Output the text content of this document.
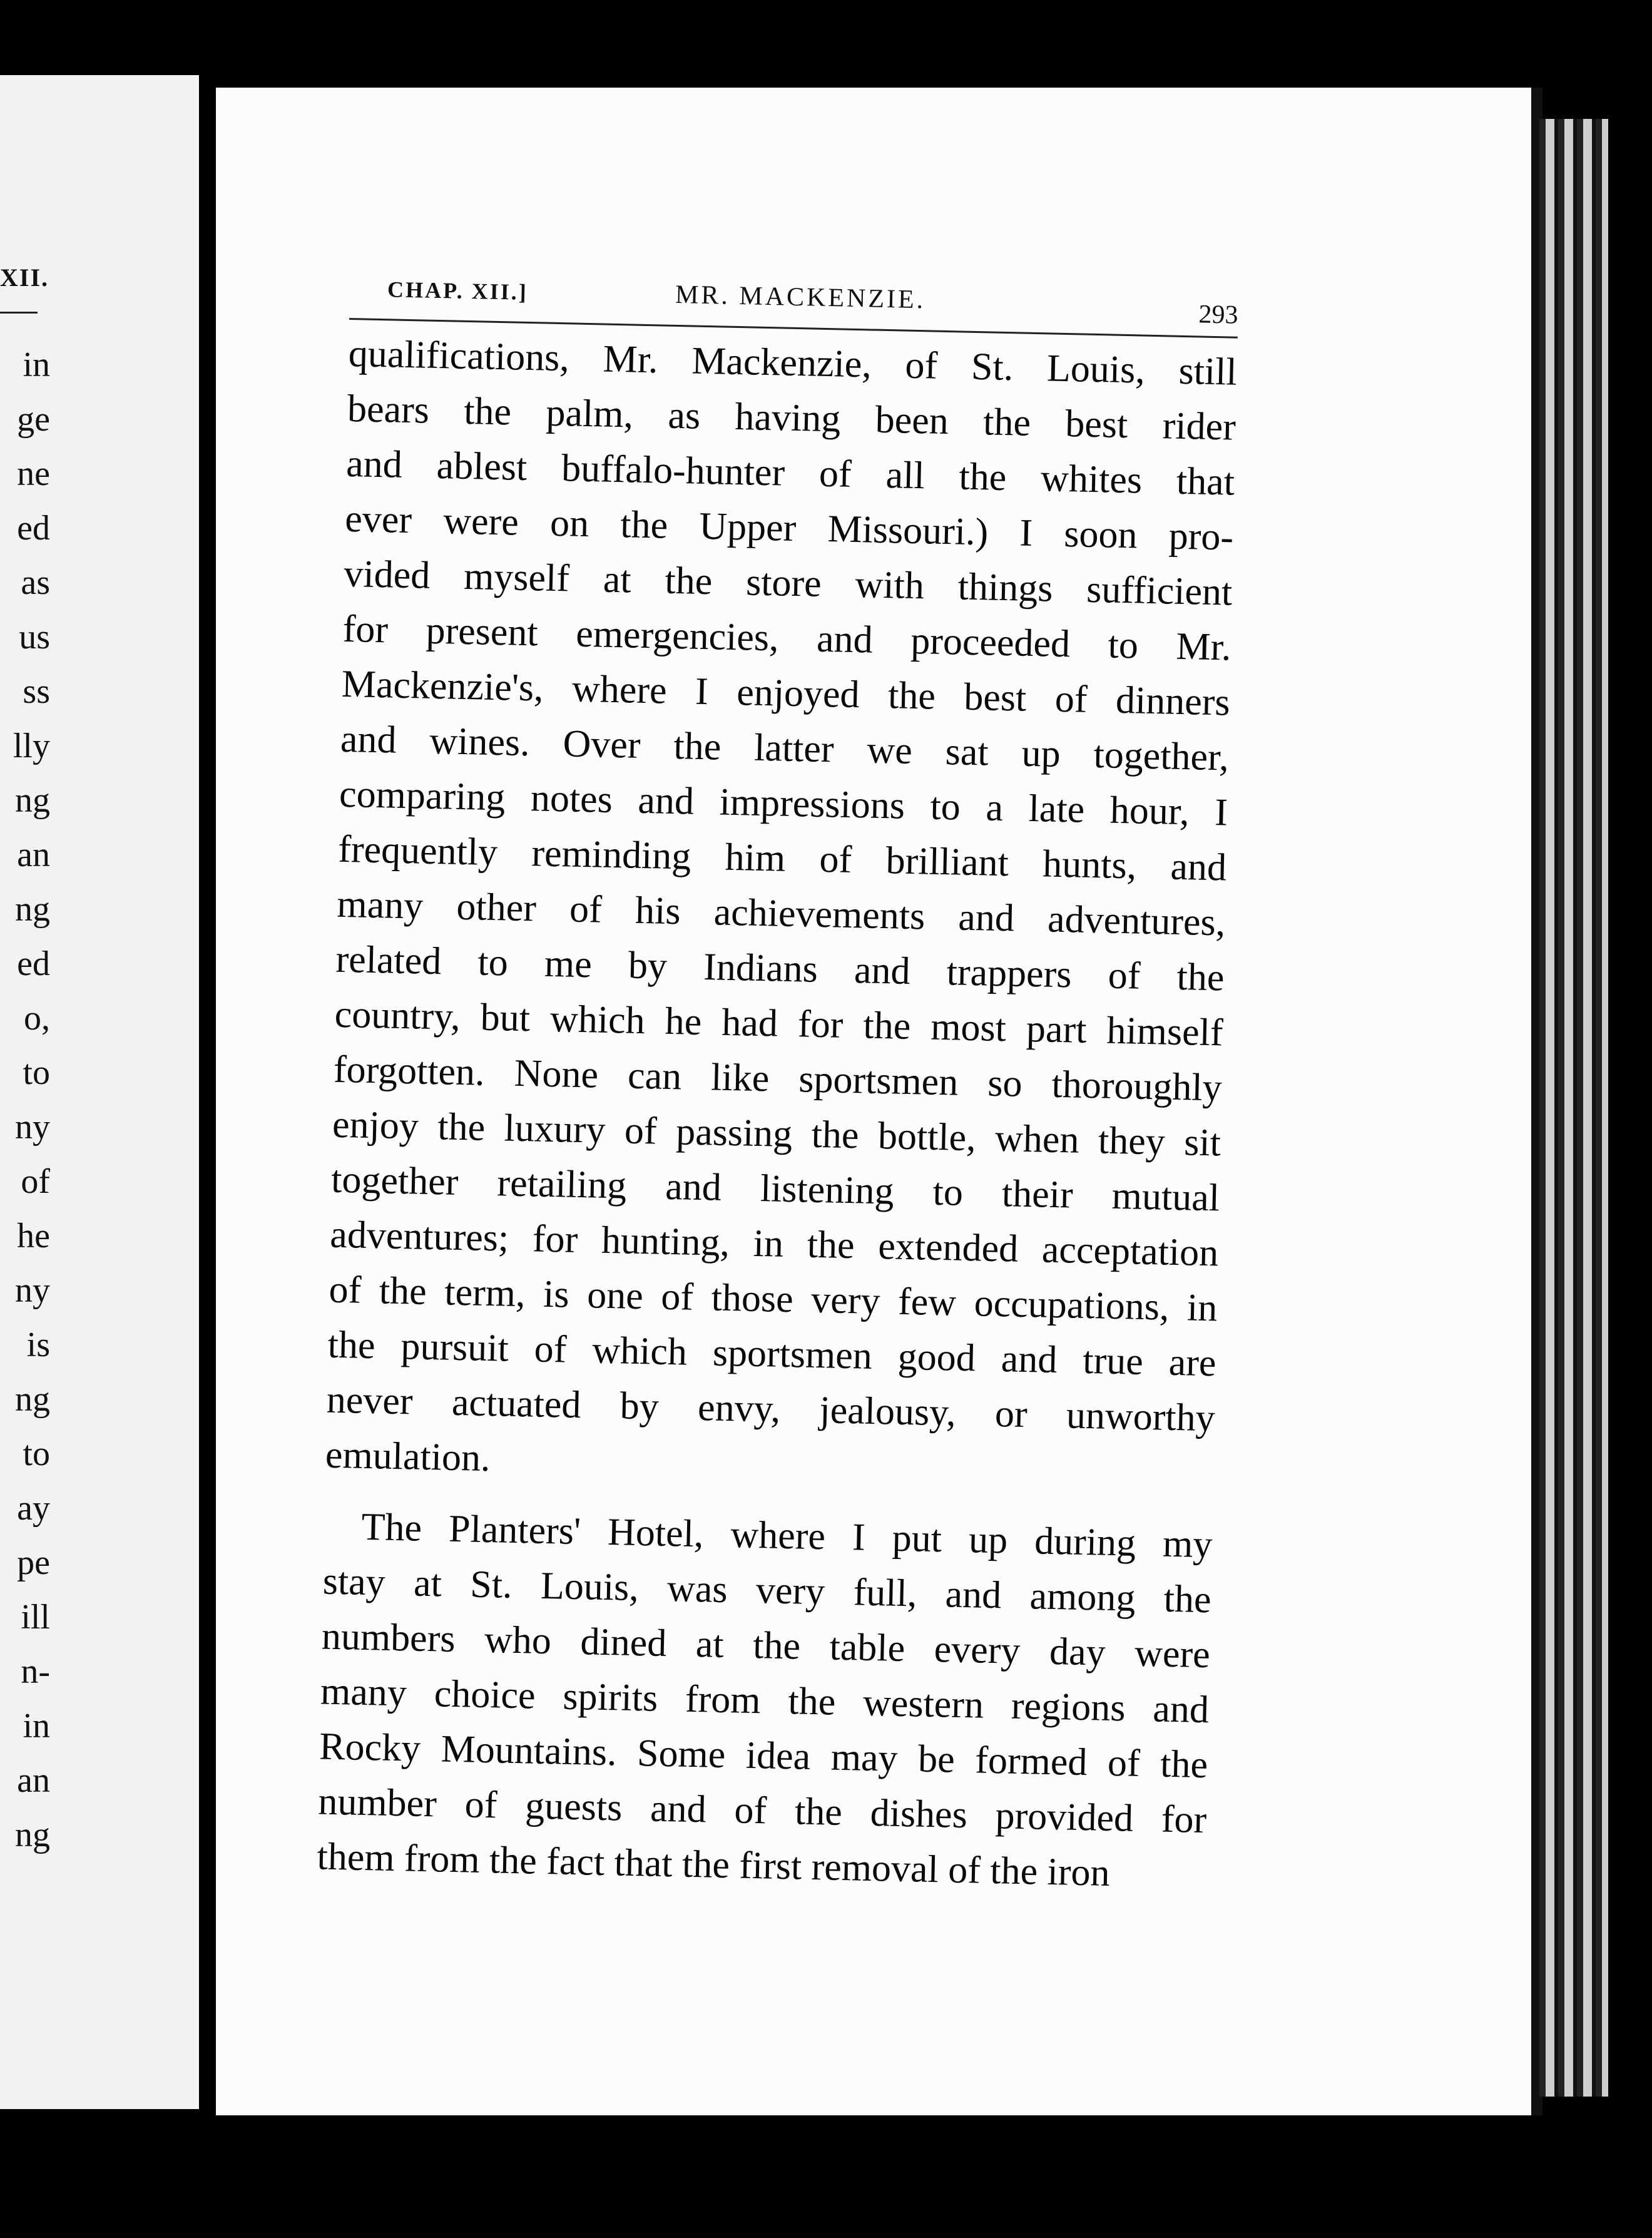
XII.
in
ge
ne
ed
as
us
ss
lly
ng
an
ng
ed
o,
to
ny
of
he
ny
is
ng
to
ay
pe
ill
n-
in
an
ng
CHAP. XII.]	MR. MACKENZIE.
293
qualifications, Mr. Mackenzie, of St. Louis, still
bears the palm, as having been the best rider
and ablest buffalo-hunter of all the whites that
ever were on the Upper Missouri.) I soon pro-
vided myself at the store with things sufficient
for present emergencies, and proceeded to Mr.
Mackenzie's, where I enjoyed the best of dinners
and wines. Over the latter we sat up together,
comparing notes and impressions to a late hour, I
frequently reminding him of brilliant hunts, and
many other of his achievements and adventures,
related to me by Indians and trappers of the
country, but which he had for the most part himself
forgotten. None can like sportsmen so thoroughly
enjoy the luxury of passing the bottle, when they sit
together retailing and listening to their mutual
adventures; for hunting, in the extended acceptation
of the term, is one of those very few occupations, in
the pursuit of which sportsmen good and true are
never actuated by envy, jealousy, or unworthy
emulation.
The Planters' Hotel, where I put up during my
stay at St. Louis, was very full, and among the
numbers who dined at the table every day were
many choice spirits from the western regions and
Rocky Mountains. Some idea may be formed of the
number of guests and of the dishes provided for
them from the fact that the first removal of the iron
